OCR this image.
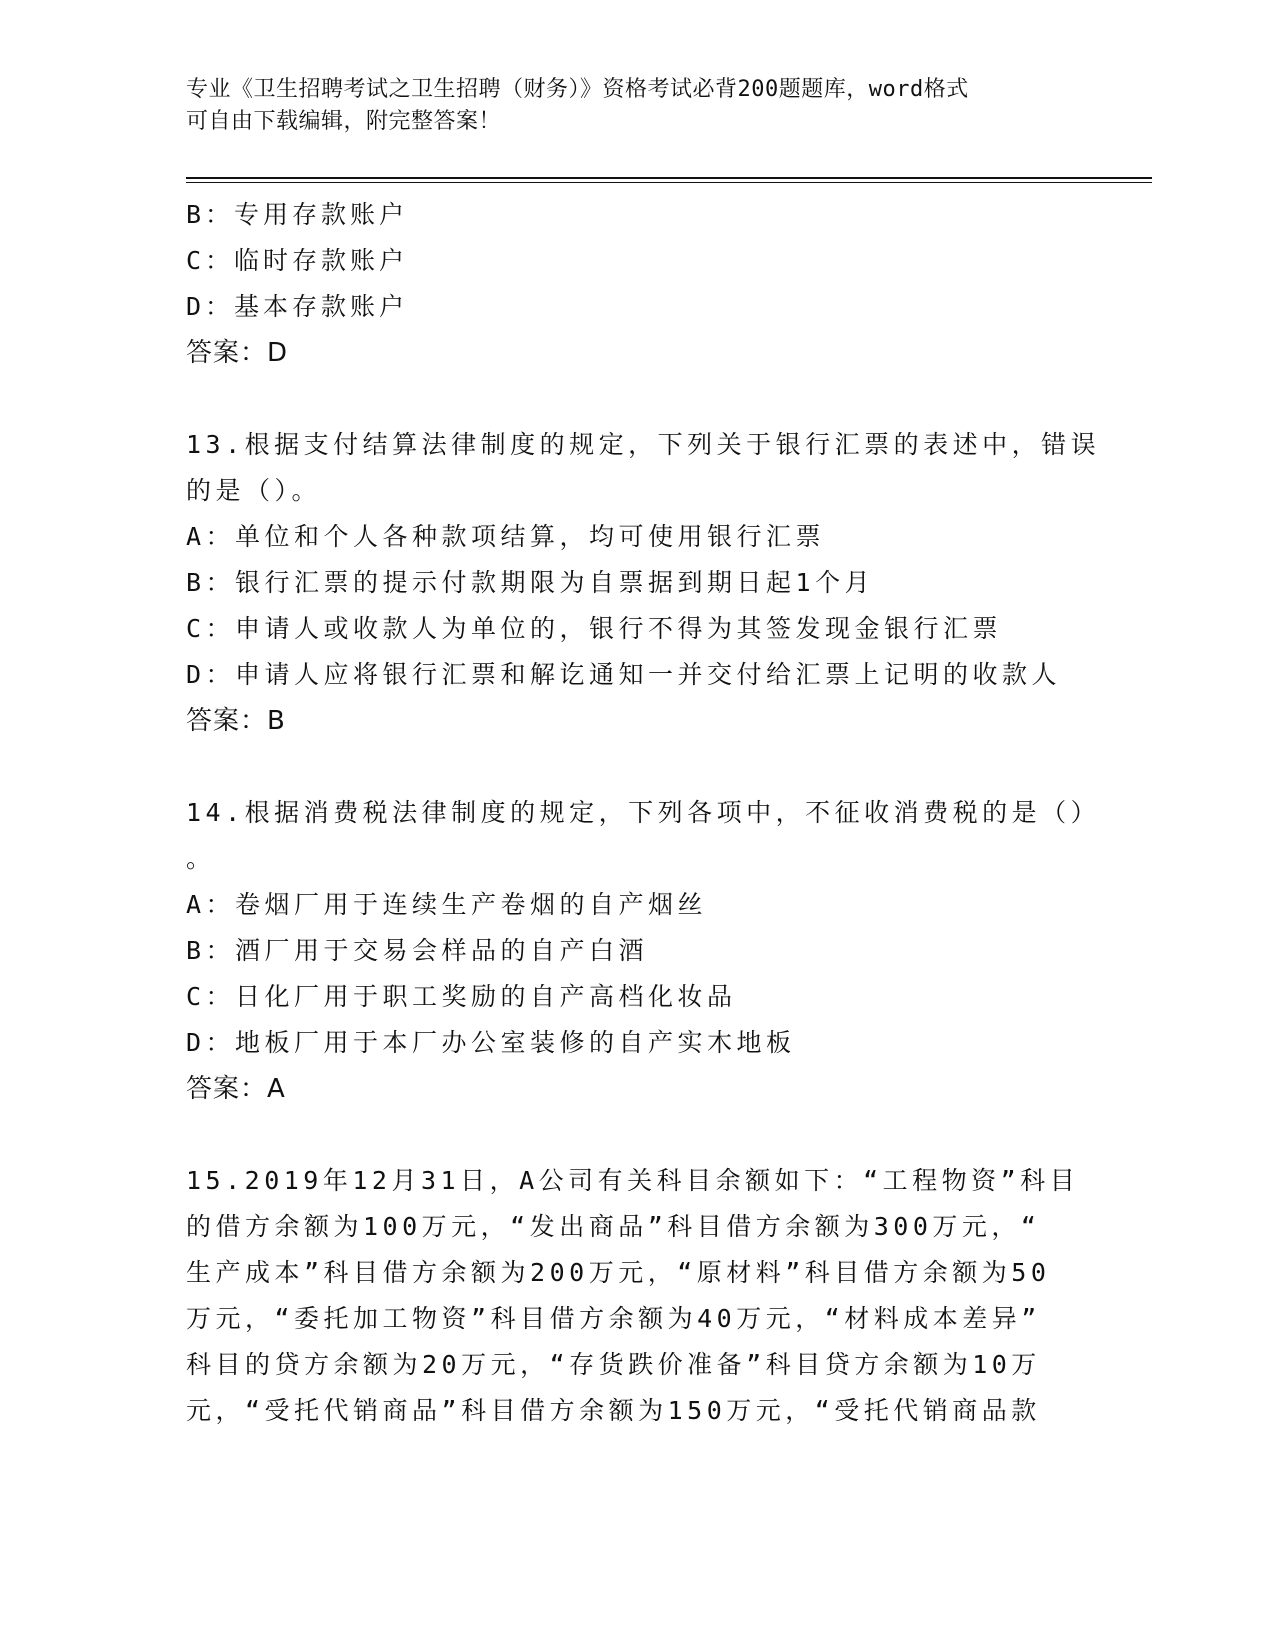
专业《卫生招聘考试之卫生招聘（财务）》资格考试必背200题题库，word格式
可自由下载编辑，附完整答案！
B：专用存款账户
C：临时存款账户
D：基本存款账户
答案：D
13.根据支付结算法律制度的规定，下列关于银行汇票的表述中，错误
的是（）。
A：单位和个人各种款项结算，均可使用银行汇票
B：银行汇票的提示付款期限为自票据到期日起1个月
C：申请人或收款人为单位的，银行不得为其签发现金银行汇票
D：申请人应将银行汇票和解讫通知一并交付给汇票上记明的收款人
答案：B
14.根据消费税法律制度的规定，下列各项中，不征收消费税的是（）
。
A：卷烟厂用于连续生产卷烟的自产烟丝
B：酒厂用于交易会样品的自产白酒
C：日化厂用于职工奖励的自产高档化妆品
D：地板厂用于本厂办公室装修的自产实木地板
答案：A
15.2019年12月31日，A公司有关科目余额如下：“工程物资”科目
的借方余额为100万元，“发出商品”科目借方余额为300万元，“
生产成本”科目借方余额为200万元，“原材料”科目借方余额为50
万元，“委托加工物资”科目借方余额为40万元，“材料成本差异”
科目的贷方余额为20万元，“存货跌价准备”科目贷方余额为10万
元，“受托代销商品”科目借方余额为150万元，“受托代销商品款
